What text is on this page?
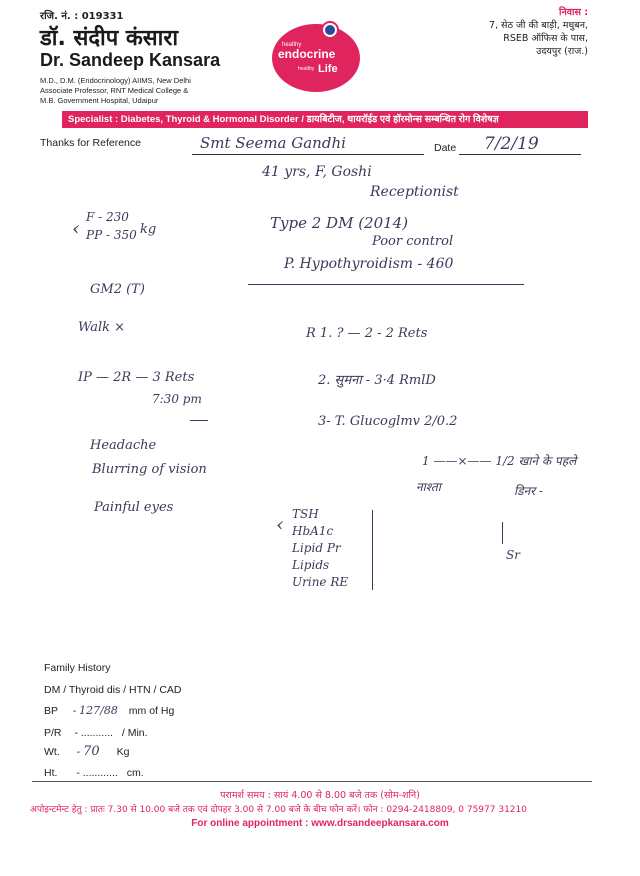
रजि. नं. : 019331
डॉ. संदीप कंसारा
Dr. Sandeep Kansara
M.D., D.M. (Endocrinology) AIIMS, New Delhi
Associate Professor, RNT Medical College &
M.B. Government Hospital, Udaipur
healthy
endocrine
healthy Life
निवास :
7, सेठ जी की बाड़ी, मधुबन,
RSEB ऑफिस के पास,
उदयपुर (राज.)
Specialist : Diabetes, Thyroid & Hormonal Disorder / डायबिटीज, थायरॉईड एवं हॉरमोन्स सम्बन्धित रोग विशेषज्ञ
Thanks for Reference	Smt Seema Gandhi	Date 7/2/19
41 yrs, F, Goshi
Receptionist
F - 230
PP - 350 kg
‹	Type 2 DM (2014)
Poor control
P. Hypothyroidism - 460
GM2 (T)
Walk ×	R 1. ? — 2 - 2 Rets
IP — 2R — 3 Rets
7:30 pm
2. सुमना - 3·4 RmlD
3- T. Glucoglmv 2/0.2
Headache
Blurring of vision
Painful eyes
1 ——×—— 1/2 खाने के पहले
नाश्ता	डिनर -
‹ TSH
HbA1c
Lipid Pr
Lipids
Urine RE
Sr
Family History
DM / Thyroid dis / HTN / CAD
BP - 127/88 mm of Hg
P/R - ........... / Min.
Wt. - 70 Kg
Ht. - ............ cm.
परामर्श समय : सायं 4.00 से 8.00 बजे तक (सोम-शनि)
अपोइन्टमेन्ट हेतु : प्रातः 7.30 से 10.00 बजे तक एवं दोपहर 3.00 से 7.00 बजे के बीच फोन करें। फोन : 0294-2418809, 0 75977 31210
For online appointment : www.drsandeepkansara.com
